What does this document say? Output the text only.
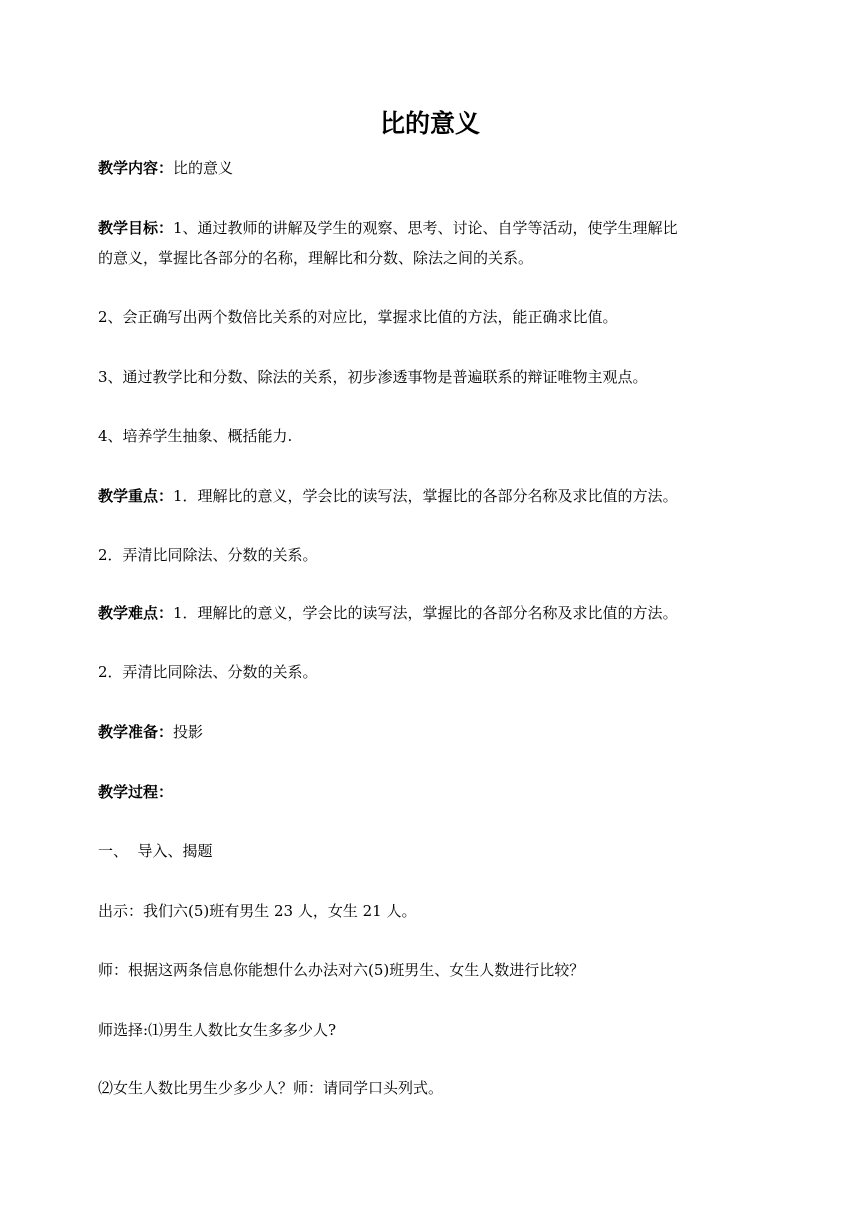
比的意义
教学内容：比的意义
教学目标：1、通过教师的讲解及学生的观察、思考、讨论、自学等活动，使学生理解比
的意义，掌握比各部分的名称，理解比和分数、除法之间的关系。
2、会正确写出两个数倍比关系的对应比，掌握求比值的方法，能正确求比值。
3、通过教学比和分数、除法的关系，初步渗透事物是普遍联系的辩证唯物主观点。
4、培养学生抽象、概括能力.
教学重点：1．理解比的意义，学会比的读写法，掌握比的各部分名称及求比值的方法。
2．弄清比同除法、分数的关系。
教学难点：1．理解比的意义，学会比的读写法，掌握比的各部分名称及求比值的方法。
2．弄清比同除法、分数的关系。
教学准备：投影
教学过程：
一、  导入、揭题
出示：我们六(5)班有男生 23 人，女生 21 人。
师：根据这两条信息你能想什么办法对六(5)班男生、女生人数进行比较？
师选择:⑴男生人数比女生多多少人?
⑵女生人数比男生少多少人？师：请同学口头列式。
